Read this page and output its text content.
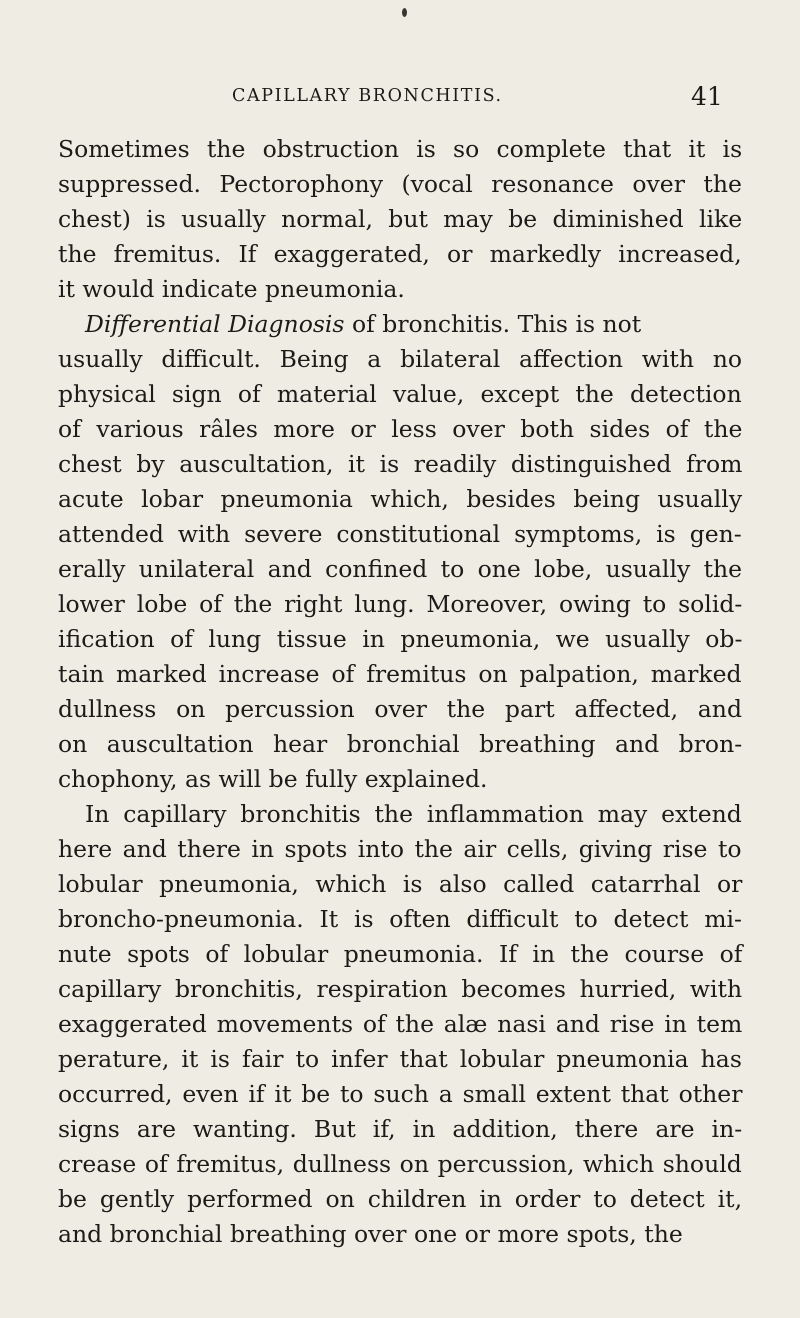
CAPILLARY BRONCHITIS.	41
Sometimes the obstruction is so complete that it is
suppressed. Pectorophony (vocal resonance over the
chest) is usually normal, but may be diminished like
the fremitus. If exaggerated, or markedly increased,
it would indicate pneumonia.
Differential Diagnosis of bronchitis. This is not
usually difficult. Being a bilateral affection with no
physical sign of material value, except the detection
of various râles more or less over both sides of the
chest by auscultation, it is readily distinguished from
acute lobar pneumonia which, besides being usually
attended with severe constitutional symptoms, is gen-
erally unilateral and confined to one lobe, usually the
lower lobe of the right lung. Moreover, owing to solid-
ification of lung tissue in pneumonia, we usually ob-
tain marked increase of fremitus on palpation, marked
dullness on percussion over the part affected, and
on auscultation hear bronchial breathing and bron-
chophony, as will be fully explained.
In capillary bronchitis the inflammation may extend
here and there in spots into the air cells, giving rise to
lobular pneumonia, which is also called catarrhal or
broncho-pneumonia. It is often difficult to detect mi-
nute spots of lobular pneumonia. If in the course of
capillary bronchitis, respiration becomes hurried, with
exaggerated movements of the alæ nasi and rise in tem
perature, it is fair to infer that lobular pneumonia has
occurred, even if it be to such a small extent that other
signs are wanting. But if, in addition, there are in-
crease of fremitus, dullness on percussion, which should
be gently performed on children in order to detect it,
and bronchial breathing over one or more spots, the
